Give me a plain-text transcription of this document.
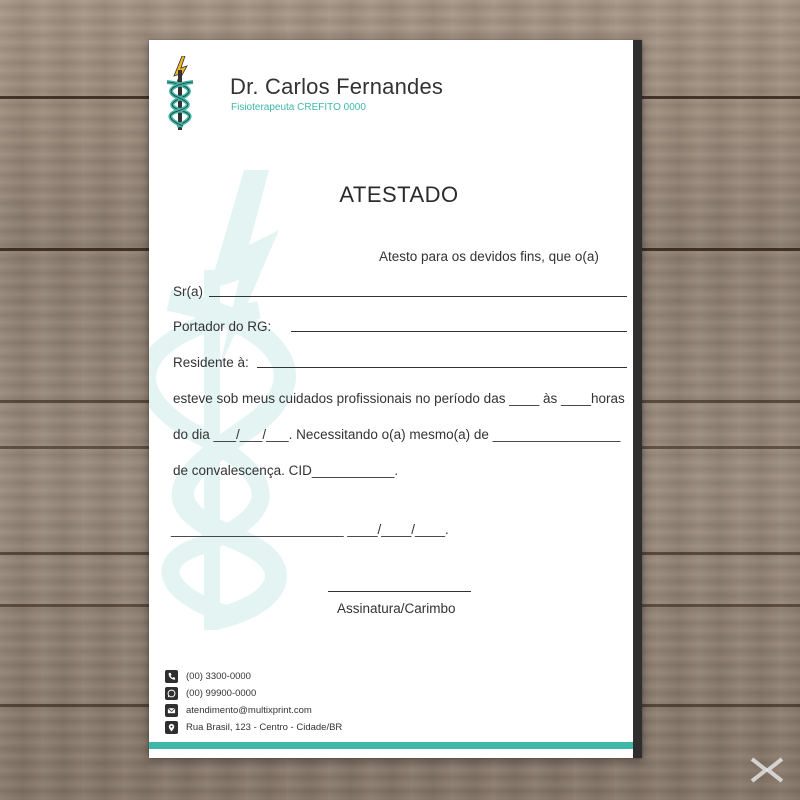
Dr. Carlos Fernandes
Fisioterapeuta CREFITO 0000
ATESTADO
Atesto para os devidos fins, que o(a)
Sr(a)
Portador do RG:
Residente à:
esteve sob meus cuidados profissionais no período das ____ às ____horas
do dia ___/___/___. Necessitando o(a) mesmo(a) de _________________
de convalescença. CID___________.
_______________________ ____/____/____.
Assinatura/Carimbo
(00) 3300-0000
(00) 99900-0000
atendimento@multixprint.com
Rua Brasil, 123 - Centro - Cidade/BR
